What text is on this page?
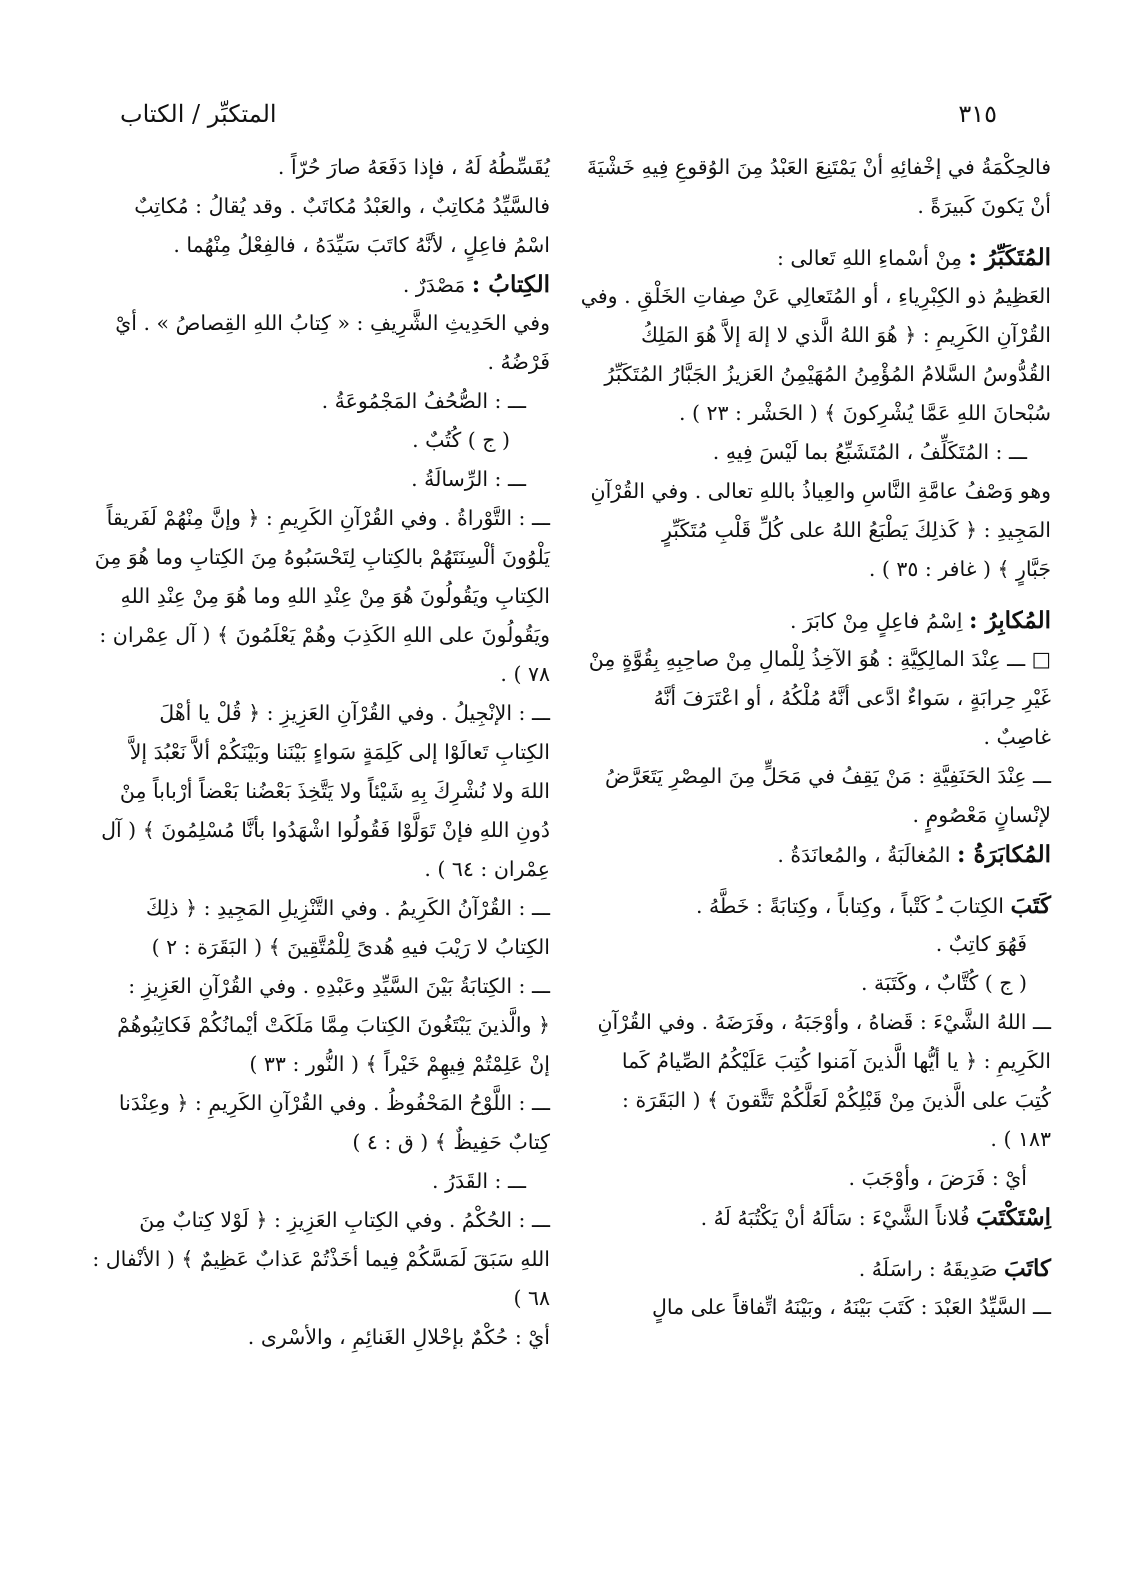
٣١٥
المتكبِّر / الكتاب
فالحِكْمَةُ في إخْفائِهِ أنْ يَمْتَنِعَ العَبْدُ مِنَ الوُقوعِ فِيهِ خَشْيَةَ
أنْ يَكونَ كَبيرَةً .
المُتَكَبِّرُ : مِنْ أسْماءِ اللهِ تَعالى :
العَظِيمُ ذو الكِبْرِياءِ ، أو المُتَعالِي عَنْ صِفاتِ الخَلْقِ . وفي
القُرْآنِ الكَرِيمِ : ﴿ هُوَ اللهُ الَّذي لا إلهَ إلاَّ هُوَ المَلِكُ
القُدُّوسُ السَّلامُ المُؤْمِنُ المُهَيْمِنُ العَزيزُ الجَبَّارُ المُتَكَبِّرُ
سُبْحانَ اللهِ عَمَّا يُشْرِكونَ ﴾ ( الحَشْر : ٢٣ ) .
ـــ : المُتَكَلِّفُ ، المُتَشَبِّعُ بما لَيْسَ فِيهِ .
وهو وَصْفُ عامَّةِ النَّاسِ والعِياذُ باللهِ تعالى . وفي القُرْآنِ
المَجِيدِ : ﴿ كَذلِكَ يَطْبَعُ اللهُ على كُلِّ قَلْبِ مُتَكَبِّرٍ
جَبَّارٍ ﴾ ( غافر : ٣٥ ) .
المُكابِرُ : اِسْمُ فاعِلٍ مِنْ كابَرَ .
□ ـــ عِنْدَ المالِكِيَّةِ : هُوَ الآخِذُ لِلْمالِ مِنْ صاحِبِهِ بِقُوَّةٍ مِنْ
غَيْرِ حِرابَةٍ ، سَواءٌ ادَّعى أنَّهُ مُلْكُهُ ، أو اعْتَرَفَ أنَّهُ
غاصِبٌ .
ـــ عِنْدَ الحَنَفِيَّةِ : مَنْ يَقِفُ في مَحَلٍّ مِنَ المِصْرِ يَتَعَرَّضُ
لإنْسانٍ مَعْصُومٍ .
المُكابَرَةُ : المُغالَبَةُ ، والمُعانَدَةُ .
كَتَبَ الكِتابَ ـُ كَتْباً ، وكِتاباً ، وكِتابَةً : خَطَّهُ .
فَهُوَ كاتِبٌ .
( ج ) كُتَّابٌ ، وكَتَبَة .
ـــ اللهُ الشَّيْءَ : قَضاهُ ، وأوْجَبَهُ ، وفَرَضَهُ . وفي القُرْآنِ
الكَرِيمِ : ﴿ يا أيُّها الَّذينَ آمَنوا كُتِبَ عَلَيْكُمُ الصِّيامُ كَما
كُتِبَ على الَّذينَ مِنْ قَبْلِكُمْ لَعَلَّكُمْ تَتَّقونَ ﴾ ( البَقَرَة :
١٨٣ ) .
أيْ : فَرَضَ ، وأوْجَبَ .
اِسْتَكْتَبَ فُلاناً الشَّيْءَ : سَألَهُ أنْ يَكْتُبَهُ لَهُ .
كاتَبَ صَدِيقَهُ : راسَلَهُ .
ـــ السَّيِّدُ العَبْدَ : كَتَبَ بَيْنَهُ ، وبَيْنَهُ اتِّفاقاً على مالٍ
يُقَسِّطُهُ لَهُ ، فإذا دَفَعَهُ صارَ حُرّاً .
فالسَّيِّدُ مُكاتِبٌ ، والعَبْدُ مُكاتَبٌ . وقد يُقالُ : مُكاتِبٌ
اسْمُ فاعِلٍ ، لأنَّهُ كاتَبَ سَيِّدَهُ ، فالفِعْلُ مِنْهُما .
الكِتابُ : مَصْدَرٌ .
وفي الحَدِيثِ الشَّرِيفِ : « كِتابُ اللهِ القِصاصُ » . أيْ
فَرْضُهُ .
ـــ : الصُّحُفُ المَجْمُوعَةُ .
( ج ) كُتُبٌ .
ـــ : الرِّسالَةُ .
ـــ : التَّوْراةُ . وفي القُرْآنِ الكَرِيمِ : ﴿ وإنَّ مِنْهُمْ لَفَريقاً
يَلْوُونَ ألْسِنَتَهُمْ بالكِتابِ لِتَحْسَبُوهُ مِنَ الكِتابِ وما هُوَ مِنَ
الكِتابِ ويَقُولُونَ هُوَ مِنْ عِنْدِ اللهِ وما هُوَ مِنْ عِنْدِ اللهِ
ويَقُولُونَ على اللهِ الكَذِبَ وهُمْ يَعْلَمُونَ ﴾ ( آل عِمْران :
٧٨ ) .
ـــ : الإنْجِيلُ . وفي القُرْآنِ العَزِيزِ : ﴿ قُلْ يا أهْلَ
الكِتابِ تَعالَوْا إلى كَلِمَةٍ سَواءٍ بَيْنَنا وبَيْنَكُمْ ألاَّ نَعْبُدَ إلاَّ
اللهَ ولا نُشْرِكَ بِهِ شَيْئاً ولا يَتَّخِذَ بَعْضُنا بَعْضاً أرْباباً مِنْ
دُونِ اللهِ فإنْ تَوَلَّوْا فَقُولُوا اشْهَدُوا بأنَّا مُسْلِمُونَ ﴾ ( آل
عِمْران : ٦٤ ) .
ـــ : القُرْآنُ الكَرِيمُ . وفي التَّنْزِيلِ المَجِيدِ : ﴿ ذلِكَ
الكِتابُ لا رَيْبَ فيهِ هُدىً لِلْمُتَّقِينَ ﴾ ( البَقَرَة : ٢ )
ـــ : الكِتابَةُ بَيْنَ السَّيِّدِ وعَبْدِهِ . وفي القُرْآنِ العَزِيزِ :
﴿ والَّذينَ يَبْتَغُونَ الكِتابَ مِمَّا مَلَكَتْ أيْمانُكُمْ فَكاتِبُوهُمْ
إنْ عَلِمْتُمْ فِيهِمْ خَيْراً ﴾ ( النُّور : ٣٣ )
ـــ : اللَّوْحُ المَحْفُوظُ . وفي القُرْآنِ الكَرِيمِ : ﴿ وعِنْدَنا
كِتابٌ حَفِيظٌ ﴾ ( ق : ٤ )
ـــ : القَدَرُ .
ـــ : الحُكْمُ . وفي الكِتابِ العَزِيزِ : ﴿ لَوْلا كِتابٌ مِنَ
اللهِ سَبَقَ لَمَسَّكُمْ فِيما أخَذْتُمْ عَذابٌ عَظِيمٌ ﴾ ( الأنْفال :
٦٨ )
أيْ : حُكْمٌ بإحْلالِ الغَنائِمِ ، والأسْرى .
